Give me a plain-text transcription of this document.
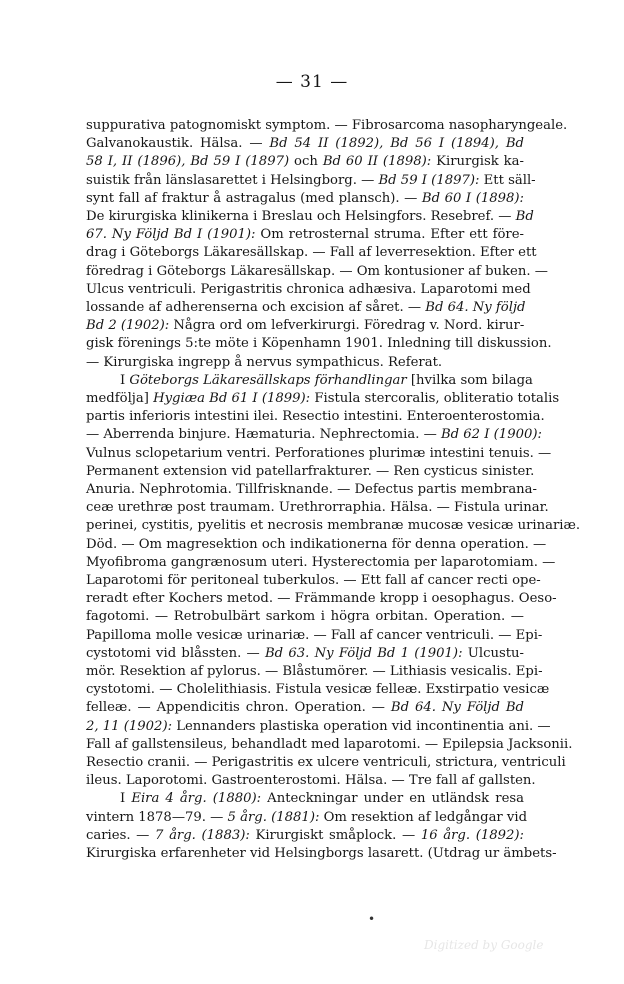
— 31 —
suppurativa patognomiskt symptom. — Fibrosarcoma nasopharyngeale.
Galvanokaustik. Hälsa. — Bd 54 II (1892), Bd 56 I (1894), Bd
58 I, II (1896), Bd 59 I (1897) och Bd 60 II (1898): Kirurgisk ka-
suistik från länslasarettet i Helsingborg. — Bd 59 I (1897): Ett säll-
synt fall af fraktur å astragalus (med plansch). — Bd 60 I (1898):
De kirurgiska klinikerna i Breslau och Helsingfors. Resebref. — Bd
67. Ny Följd Bd I (1901): Om retrosternal struma. Efter ett före-
drag i Göteborgs Läkaresällskap. — Fall af leverresektion. Efter ett
föredrag i Göteborgs Läkaresällskap. — Om kontusioner af buken. —
Ulcus ventriculi. Perigastritis chronica adhæsiva. Laparotomi med
lossande af adherenserna och excision af såret. — Bd 64. Ny följd
Bd 2 (1902): Några ord om lefverkirurgi. Föredrag v. Nord. kirur-
gisk förenings 5:te möte i Köpenhamn 1901. Inledning till diskussion.
— Kirurgiska ingrepp å nervus sympathicus. Referat.
I Göteborgs Läkaresällskaps förhandlingar [hvilka som bilaga
medfölja] Hygiæa Bd 61 I (1899): Fistula stercoralis, obliteratio totalis
partis inferioris intestini ilei. Resectio intestini. Enteroenterostomia.
— Aberrenda binjure. Hæmaturia. Nephrectomia. — Bd 62 I (1900):
Vulnus sclopetarium ventri. Perforationes plurimæ intestini tenuis. —
Permanent extension vid patellarfrakturer. — Ren cysticus sinister.
Anuria. Nephrotomia. Tillfrisknande. — Defectus partis membrana-
ceæ urethræ post traumam. Urethrorraphia. Hälsa. — Fistula urinar.
perinei, cystitis, pyelitis et necrosis membranæ mucosæ vesicæ urinariæ.
Död. — Om magresektion och indikationerna för denna operation. —
Myofibroma gangrænosum uteri. Hysterectomia per laparotomiam. —
Laparotomi för peritoneal tuberkulos. — Ett fall af cancer recti ope-
reradt efter Kochers metod. — Främmande kropp i oesophagus. Oeso-
fagotomi. — Retrobulbärt sarkom i högra orbitan. Operation. —
Papilloma molle vesicæ urinariæ. — Fall af cancer ventriculi. — Epi-
cystotomi vid blåssten. — Bd 63. Ny Följd Bd 1 (1901): Ulcustu-
mör. Resektion af pylorus. — Blåstumörer. — Lithiasis vesicalis. Epi-
cystotomi. — Cholelithiasis. Fistula vesicæ felleæ. Exstirpatio vesicæ
felleæ. — Appendicitis chron. Operation. — Bd 64. Ny Följd Bd
2, 11 (1902): Lennanders plastiska operation vid incontinentia ani. —
Fall af gallstensileus, behandladt med laparotomi. — Epilepsia Jacksonii.
Resectio cranii. — Perigastritis ex ulcere ventriculi, strictura, ventriculi
ileus. Laporotomi. Gastroenterostomi. Hälsa. — Tre fall af gallsten.
I Eira 4 årg. (1880): Anteckningar under en utländsk resa
vintern 1878—79. — 5 årg. (1881): Om resektion af ledgångar vid
caries. — 7 årg. (1883): Kirurgiskt småplock. — 16 årg. (1892):
Kirurgiska erfarenheter vid Helsingborgs lasarett. (Utdrag ur ämbets-
•
Digitized by Google
